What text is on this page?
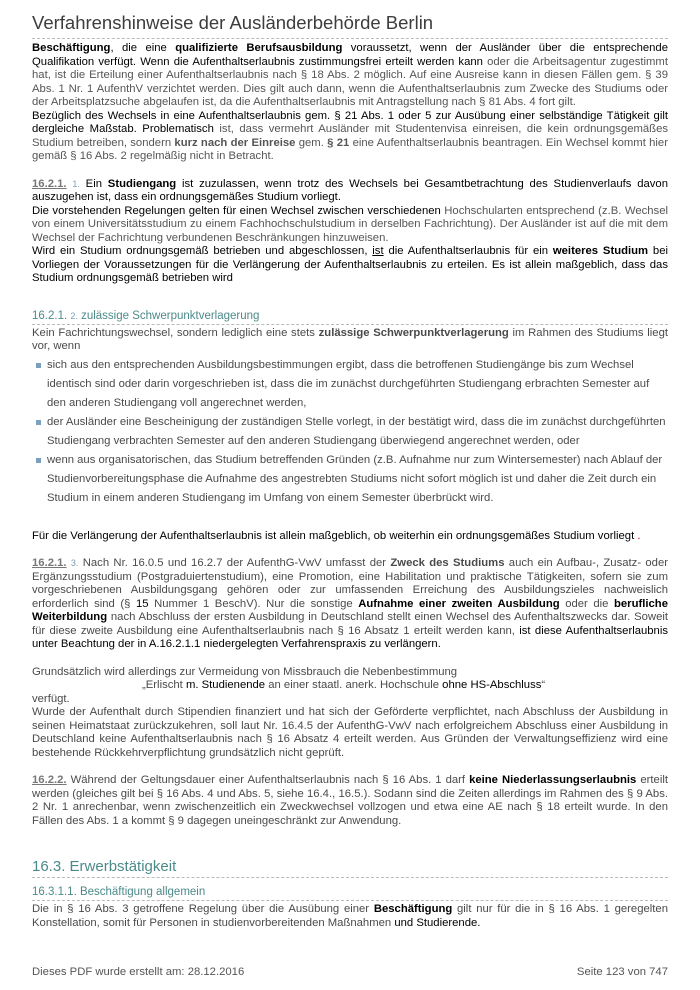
Verfahrenshinweise der Ausländerbehörde Berlin

Beschäftigung, die eine qualifizierte Berufsausbildung voraussetzt, wenn der Ausländer über die entsprechende Qualifikation verfügt. Wenn die Aufenthaltserlaubnis zustimmungsfrei erteilt werden kann oder die Arbeitsagentur zugestimmt hat, ist die Erteilung einer Aufenthaltserlaubnis nach § 18 Abs. 2 möglich. Auf eine Ausreise kann in diesen Fällen gem. § 39 Abs. 1 Nr. 1 AufenthV verzichtet werden. Dies gilt auch dann, wenn die Aufenthaltserlaubnis zum Zwecke des Studiums oder der Arbeitsplatzsuche abgelaufen ist, da die Aufenthaltserlaubnis mit Antragstellung nach § 81 Abs. 4 fort gilt.

Bezüglich des Wechsels in eine Aufenthaltserlaubnis gem. § 21 Abs. 1 oder 5 zur Ausübung einer selbständige Tätigkeit gilt dergleiche Maßstab. Problematisch ist, dass vermehrt Ausländer mit Studentenvisa einreisen, die kein ordnungsgemäßes Studium betreiben, sondern kurz nach der Einreise gem. § 21 eine Aufenthaltserlaubnis beantragen. Ein Wechsel kommt hier gemäß § 16 Abs. 2 regelmäßig nicht in Betracht.

16.2.1. 1. Ein Studiengang ist zuzulassen, wenn trotz des Wechsels bei Gesamtbetrachtung des Studienverlaufs davon auszugehen ist, dass ein ordnungsgemäßes Studium vorliegt.

Die vorstehenden Regelungen gelten für einen Wechsel zwischen verschiedenen Hochschularten entsprechend (z.B. Wechsel von einem Universitätsstudium zu einem Fachhochschulstudium in derselben Fachrichtung). Der Ausländer ist auf die mit dem Wechsel der Fachrichtung verbundenen Beschränkungen hinzuweisen.

Wird ein Studium ordnungsgemäß betrieben und abgeschlossen, ist die Aufenthaltserlaubnis für ein weiteres Studium bei Vorliegen der Voraussetzungen für die Verlängerung der Aufenthaltserlaubnis zu erteilen. Es ist allein maßgeblich, dass das Studium ordnungsgemäß betrieben wird

16.2.1. 2. zulässige Schwerpunktverlagerung

Kein Fachrichtungswechsel, sondern lediglich eine stets zulässige Schwerpunktverlagerung im Rahmen des Studiums liegt vor, wenn

sich aus den entsprechenden Ausbildungsbestimmungen ergibt, dass die betroffenen Studiengänge bis zum Wechsel identisch sind oder darin vorgeschrieben ist, dass die im zunächst durchgeführten Studiengang erbrachten Semester auf den anderen Studiengang voll angerechnet werden,
der Ausländer eine Bescheinigung der zuständigen Stelle vorlegt, in der bestätigt wird, dass die im zunächst durchgeführten Studiengang verbrachten Semester auf den anderen Studiengang überwiegend angerechnet werden, oder
wenn aus organisatorischen, das Studium betreffenden Gründen (z.B. Aufnahme nur zum Wintersemester) nach Ablauf der Studienvorbereitungsphase die Aufnahme des angestrebten Studiums nicht sofort möglich ist und daher die Zeit durch ein Studium in einem anderen Studiengang im Umfang von einem Semester überbrückt wird.

Für die Verlängerung der Aufenthaltserlaubnis ist allein maßgeblich, ob weiterhin ein ordnungsgemäßes Studium vorliegt .

16.2.1. 3. Nach Nr. 16.0.5 und 16.2.7 der AufenthG-VwV umfasst der Zweck des Studiums auch ein Aufbau-, Zusatz- oder Ergänzungsstudium (Postgraduiertenstudium), eine Promotion, eine Habilitation und praktische Tätigkeiten, sofern sie zum vorgeschriebenen Ausbildungsgang gehören oder zur umfassenden Erreichung des Ausbildungszieles nachweislich erforderlich sind (§ 15 Nummer 1 BeschV). Nur die sonstige Aufnahme einer zweiten Ausbildung oder die berufliche Weiterbildung nach Abschluss der ersten Ausbildung in Deutschland stellt einen Wechsel des Aufenthaltszwecks dar. Soweit für diese zweite Ausbildung eine Aufenthaltserlaubnis nach § 16 Absatz 1 erteilt werden kann, ist diese Aufenthaltserlaubnis unter Beachtung der in A.16.2.1.1 niedergelegten Verfahrenspraxis zu verlängern.

Grundsätzlich wird allerdings zur Vermeidung von Missbrauch die Nebenbestimmung

„Erlischt m. Studienende an einer staatl. anerk. Hochschule ohne HS-Abschluss“

verfügt.

Wurde der Aufenthalt durch Stipendien finanziert und hat sich der Geförderte verpflichtet, nach Abschluss der Ausbildung in seinen Heimatstaat zurückzukehren, soll laut Nr. 16.4.5 der AufenthG-VwV nach erfolgreichem Abschluss einer Ausbildung in Deutschland keine Aufenthaltserlaubnis nach § 16 Absatz 4 erteilt werden. Aus Gründen der Verwaltungseffizienz wird eine bestehende Rückkehrverpflichtung grundsätzlich nicht geprüft.

16.2.2. Während der Geltungsdauer einer Aufenthaltserlaubnis nach § 16 Abs. 1 darf keine Niederlassungserlaubnis erteilt werden (gleiches gilt bei § 16 Abs. 4 und Abs. 5, siehe 16.4., 16.5.). Sodann sind die Zeiten allerdings im Rahmen des § 9 Abs. 2 Nr. 1 anrechenbar, wenn zwischenzeitlich ein Zweckwechsel vollzogen und etwa eine AE nach § 18 erteilt wurde. In den Fällen des Abs. 1 a kommt § 9 dagegen uneingeschränkt zur Anwendung.

16.3. Erwerbstätigkeit
16.3.1.1. Beschäftigung allgemein

Die in § 16 Abs. 3 getroffene Regelung über die Ausübung einer Beschäftigung gilt nur für die in § 16 Abs. 1 geregelten Konstellation, somit für Personen in studienvorbereitenden Maßnahmen und Studierende.

Dieses PDF wurde erstellt am: 28.12.2016	Seite 123 von 747
